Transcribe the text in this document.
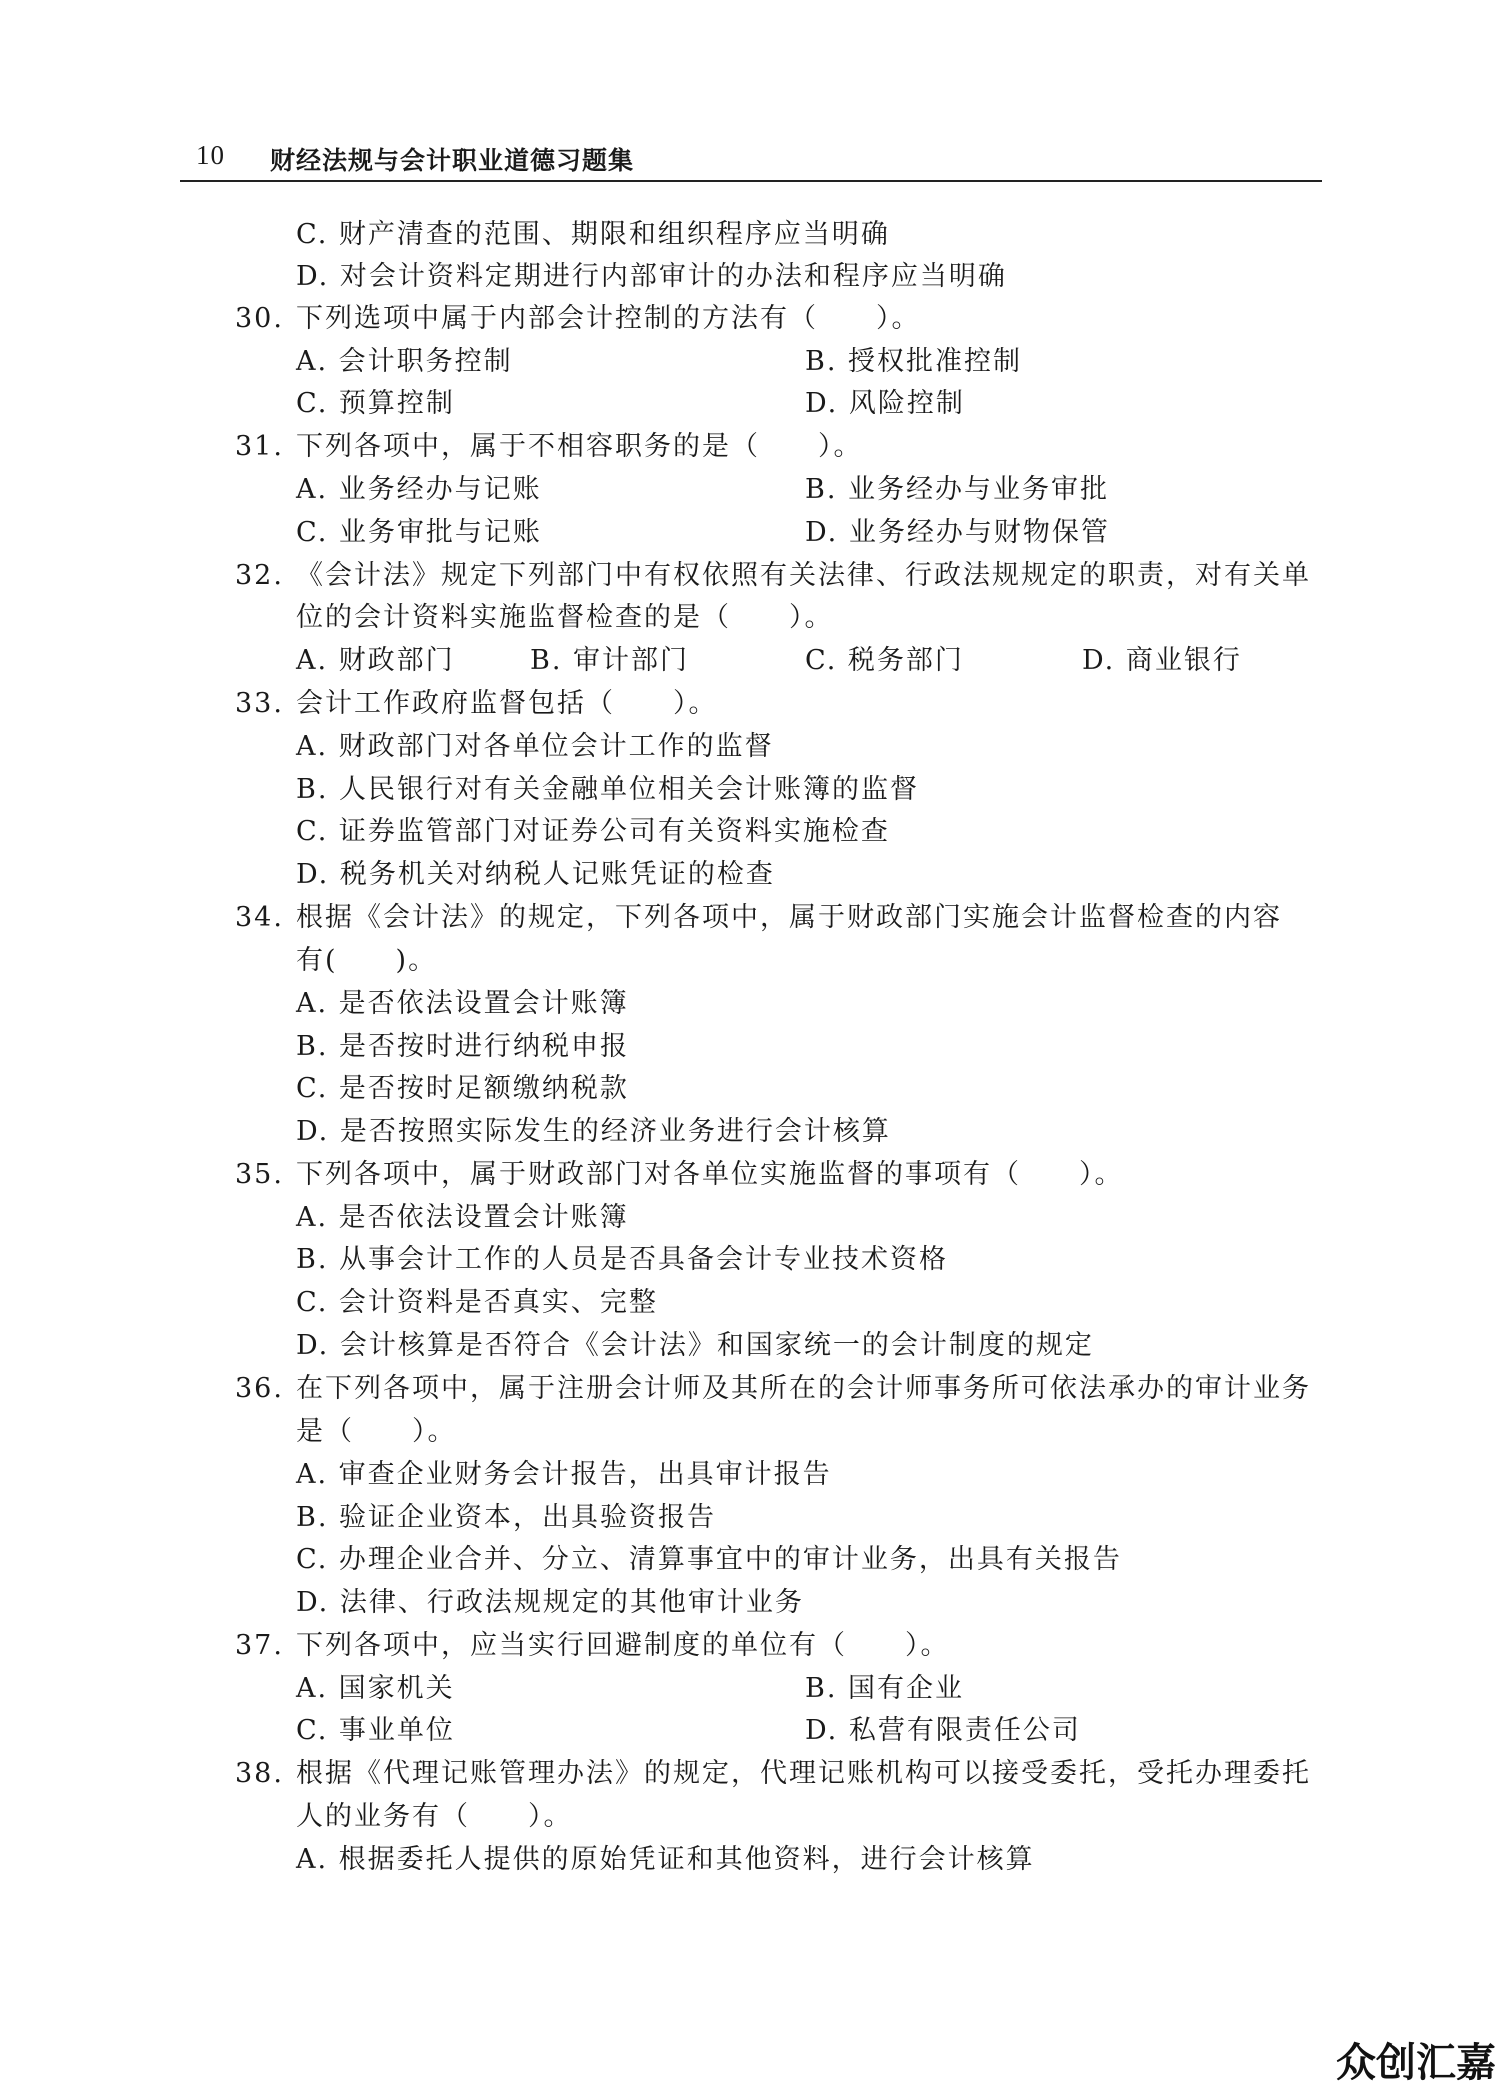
10 财经法规与会计职业道德习题集
C. 财产清查的范围、期限和组织程序应当明确
D. 对会计资料定期进行内部审计的办法和程序应当明确
30. 下列选项中属于内部会计控制的方法有（　　）。
A. 会计职务控制	B. 授权批准控制
C. 预算控制	D. 风险控制
31. 下列各项中，属于不相容职务的是（　　）。
A. 业务经办与记账	B. 业务经办与业务审批
C. 业务审批与记账	D. 业务经办与财物保管
32. 《会计法》规定下列部门中有权依照有关法律、行政法规规定的职责，对有关单
位的会计资料实施监督检查的是（　　）。
A. 财政部门	B. 审计部门	C. 税务部门	D. 商业银行
33. 会计工作政府监督包括（　　）。
A. 财政部门对各单位会计工作的监督
B. 人民银行对有关金融单位相关会计账簿的监督
C. 证券监管部门对证券公司有关资料实施检查
D. 税务机关对纳税人记账凭证的检查
34. 根据《会计法》的规定，下列各项中，属于财政部门实施会计监督检查的内容
有(　　)。
A. 是否依法设置会计账簿
B. 是否按时进行纳税申报
C. 是否按时足额缴纳税款
D. 是否按照实际发生的经济业务进行会计核算
35. 下列各项中，属于财政部门对各单位实施监督的事项有（　　）。
A. 是否依法设置会计账簿
B. 从事会计工作的人员是否具备会计专业技术资格
C. 会计资料是否真实、完整
D. 会计核算是否符合《会计法》和国家统一的会计制度的规定
36. 在下列各项中，属于注册会计师及其所在的会计师事务所可依法承办的审计业务
是（　　）。
A. 审查企业财务会计报告，出具审计报告
B. 验证企业资本，出具验资报告
C. 办理企业合并、分立、清算事宜中的审计业务，出具有关报告
D. 法律、行政法规规定的其他审计业务
37. 下列各项中，应当实行回避制度的单位有（　　）。
A. 国家机关	B. 国有企业
C. 事业单位	D. 私营有限责任公司
38. 根据《代理记账管理办法》的规定，代理记账机构可以接受委托，受托办理委托
人的业务有（　　）。
A. 根据委托人提供的原始凭证和其他资料，进行会计核算
众创汇嘉
